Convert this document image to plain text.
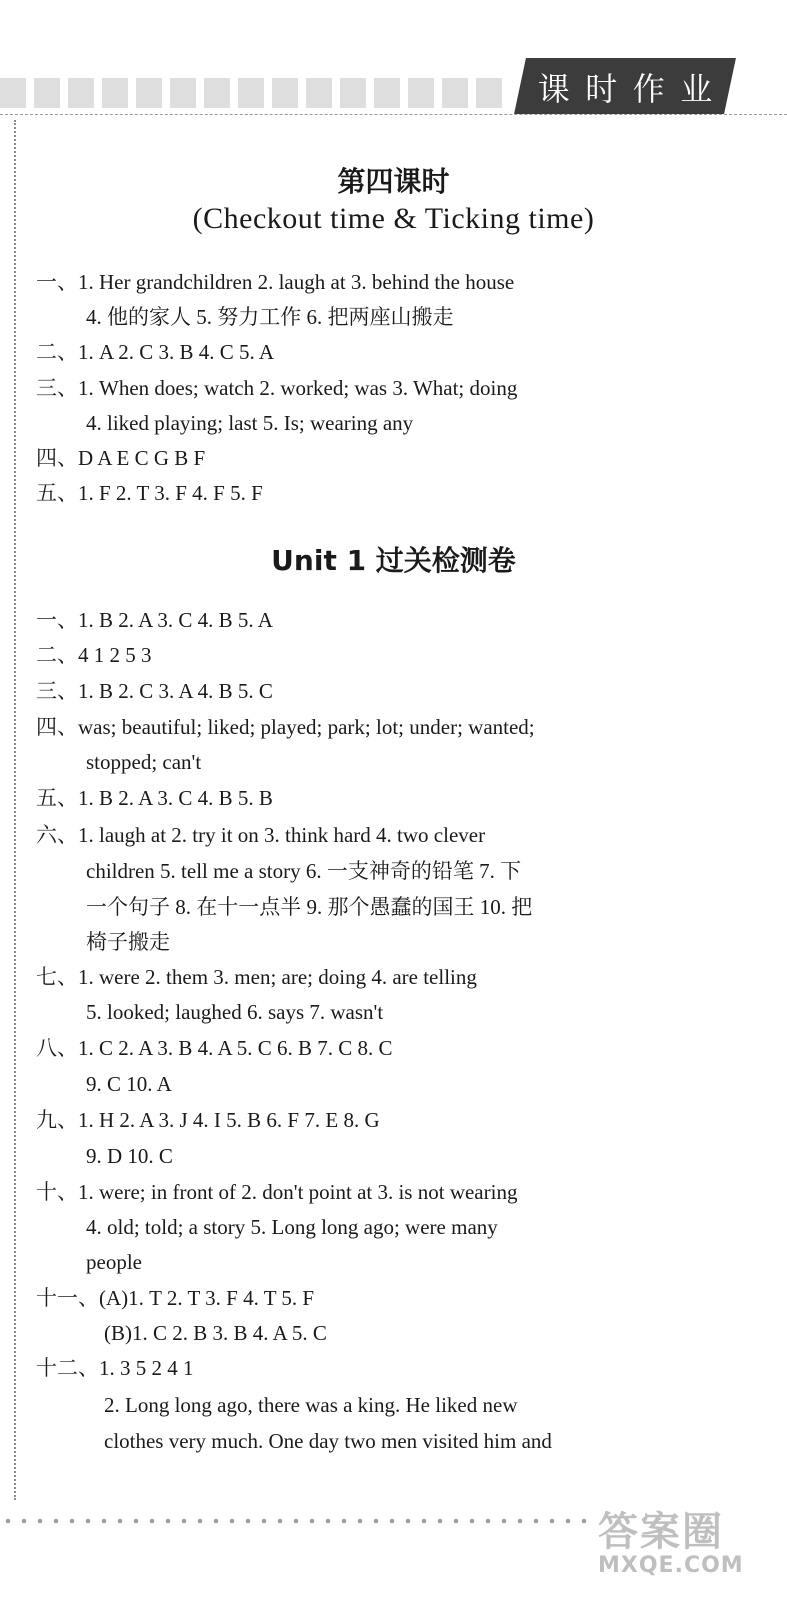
课 时 作 业
第四课时
(Checkout time & Ticking time)
一、1. Her grandchildren 2. laugh at 3. behind the house
4. 他的家人 5. 努力工作 6. 把两座山搬走
二、1. A 2. C 3. B 4. C 5. A
三、1. When does; watch 2. worked; was 3. What; doing
4. liked playing; last 5. Is; wearing any
四、D A E C G B F
五、1. F 2. T 3. F 4. F 5. F
Unit 1 过关检测卷
一、1. B 2. A 3. C 4. B 5. A
二、4 1 2 5 3
三、1. B 2. C 3. A 4. B 5. C
四、was; beautiful; liked; played; park; lot; under; wanted;
stopped; can't
五、1. B 2. A 3. C 4. B 5. B
六、1. laugh at 2. try it on 3. think hard 4. two clever
children 5. tell me a story 6. 一支神奇的铅笔 7. 下
一个句子 8. 在十一点半 9. 那个愚蠢的国王 10. 把
椅子搬走
七、1. were 2. them 3. men; are; doing 4. are telling
5. looked; laughed 6. says 7. wasn't
八、1. C 2. A 3. B 4. A 5. C 6. B 7. C 8. C
9. C 10. A
九、1. H 2. A 3. J 4. I 5. B 6. F 7. E 8. G
9. D 10. C
十、1. were; in front of 2. don't point at 3. is not wearing
4. old; told; a story 5. Long long ago; were many
people
十一、(A)1. T 2. T 3. F 4. T 5. F
(B)1. C 2. B 3. B 4. A 5. C
十二、1. 3 5 2 4 1
2. Long long ago, there was a king. He liked new
clothes very much. One day two men visited him and
答案圈
MXQE.COM
